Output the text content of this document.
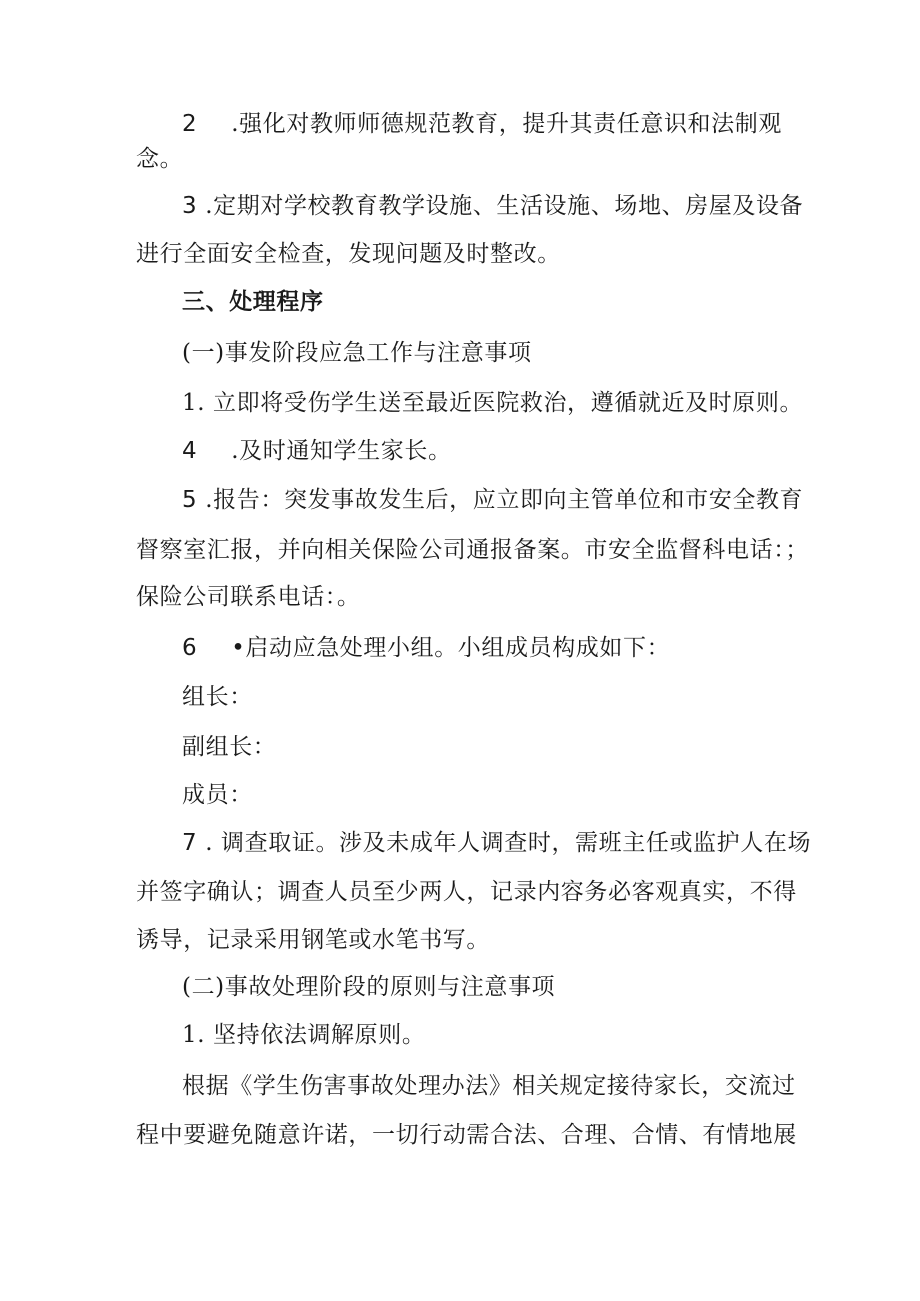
2 .强化对教师师德规范教育，提升其责任意识和法制观
念。
3 .定期对学校教育教学设施、生活设施、场地、房屋及设备
进行全面安全检查，发现问题及时整改。
三、处理程序
(一)事发阶段应急工作与注意事项
1. 立即将受伤学生送至最近医院救治，遵循就近及时原则。
4 .及时通知学生家长。
5 .报告：突发事故发生后，应立即向主管单位和市安全教育
督察室汇报，并向相关保险公司通报备案。市安全监督科电话：；
保险公司联系电话：。
6 •启动应急处理小组。小组成员构成如下：
组长：
副组长：
成员：
7 . 调查取证。涉及未成年人调查时，需班主任或监护人在场
并签字确认；调查人员至少两人，记录内容务必客观真实，不得
诱导，记录采用钢笔或水笔书写。
(二)事故处理阶段的原则与注意事项
1. 坚持依法调解原则。
根据《学生伤害事故处理办法》相关规定接待家长，交流过
程中要避免随意许诺，一切行动需合法、合理、合情、有情地展
